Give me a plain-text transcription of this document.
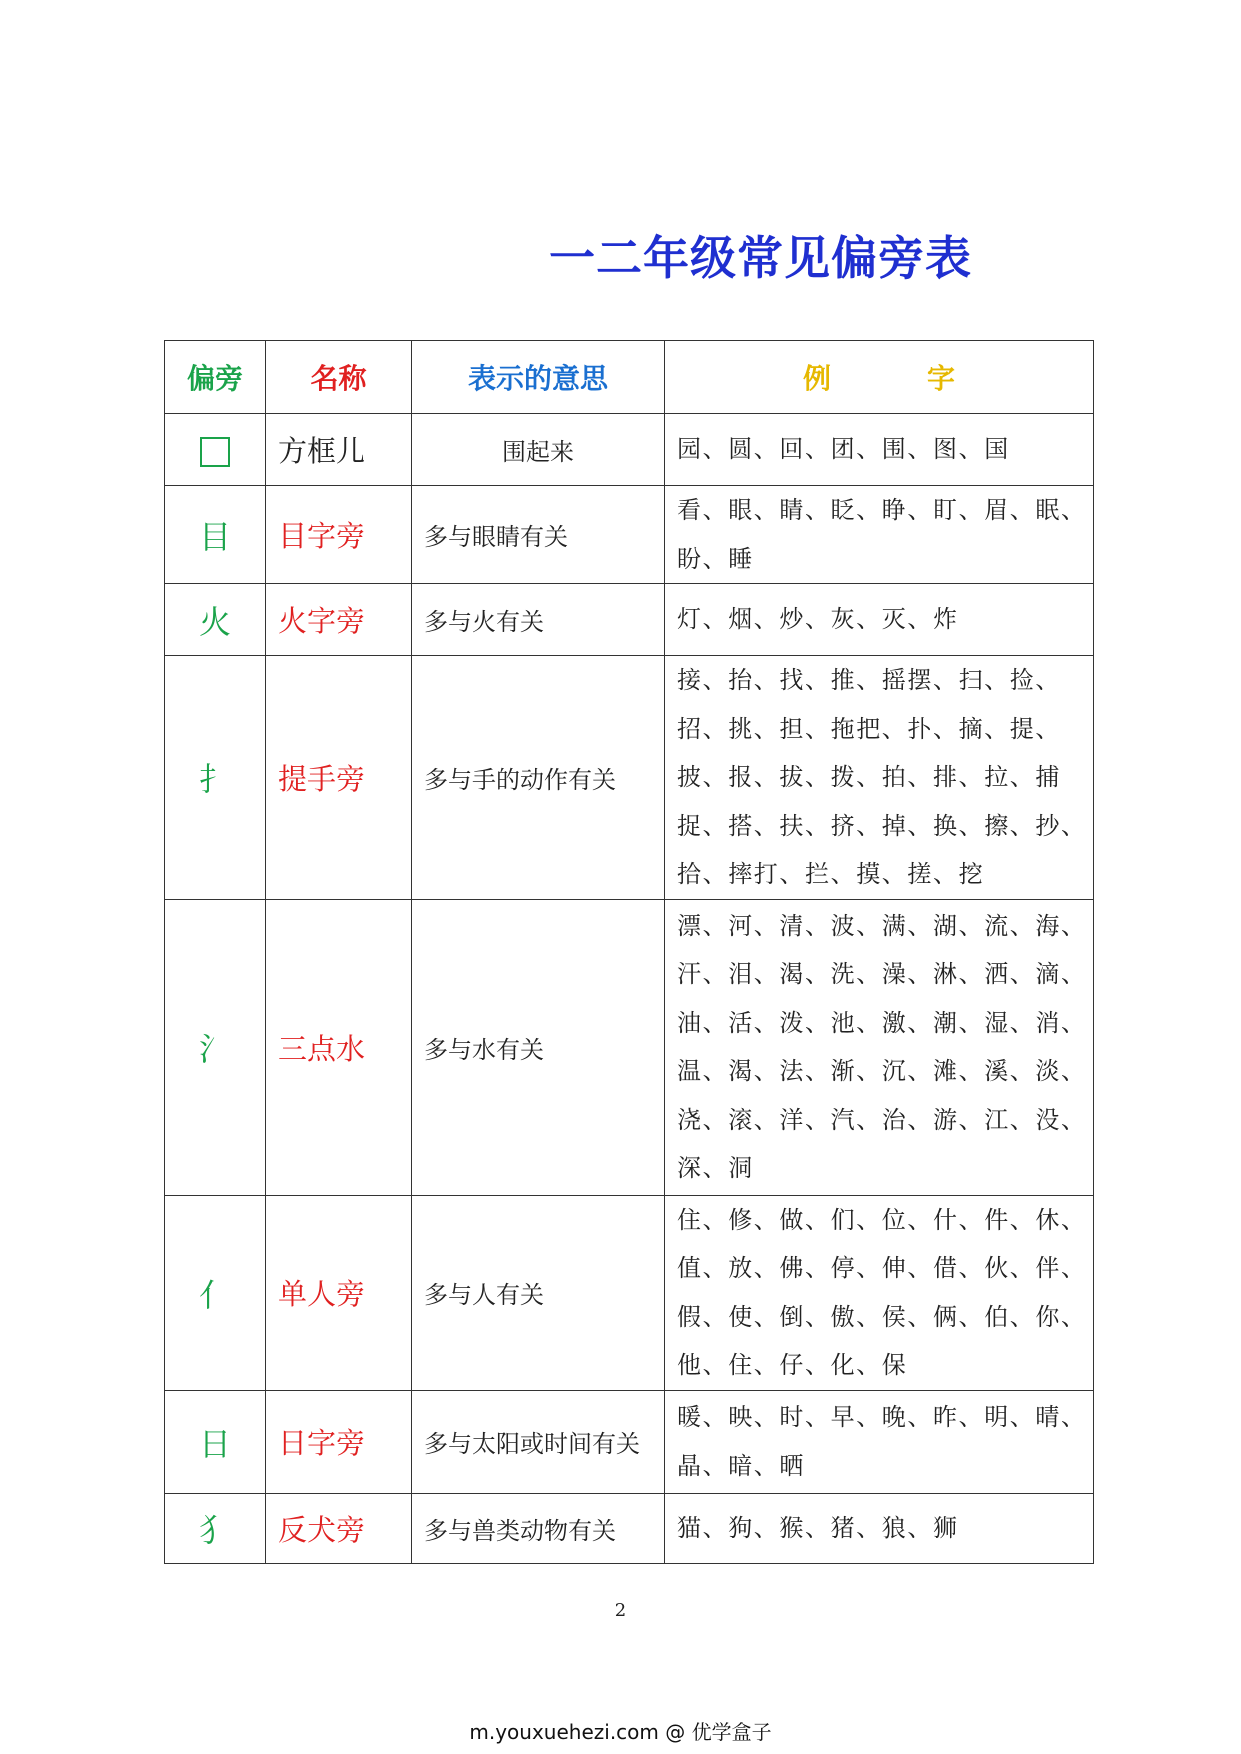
一二年级常见偏旁表
偏旁	名称	表示的意思	例 字
	方框儿	围起来	园、圆、回、团、围、图、国
目	目字旁	多与眼睛有关	看、眼、睛、眨、睁、盯、眉、眠、盼、睡
火	火字旁	多与火有关	灯、烟、炒、灰、灭、炸
扌	提手旁	多与手的动作有关	接、抬、找、推、摇摆、扫、捡、招、挑、担、拖把、扑、摘、提、披、报、拔、拨、拍、排、拉、捕捉、搭、扶、挤、掉、换、擦、抄、拾、摔打、拦、摸、搓、挖
氵	三点水	多与水有关	漂、河、清、波、满、湖、流、海、汗、泪、渴、洗、澡、淋、洒、滴、油、活、泼、池、激、潮、湿、消、温、渴、法、渐、沉、滩、溪、淡、浇、滚、洋、汽、治、游、江、没、深、洞
亻	单人旁	多与人有关	住、修、做、们、位、什、件、休、值、放、佛、停、伸、借、伙、伴、假、使、倒、傲、侯、俩、伯、你、他、住、仔、化、保
日	日字旁	多与太阳或时间有关	暖、映、时、早、晚、昨、明、晴、晶、暗、晒
犭	反犬旁	多与兽类动物有关	猫、狗、猴、猪、狼、狮
2
m.youxuehezi.com @ 优学盒子
